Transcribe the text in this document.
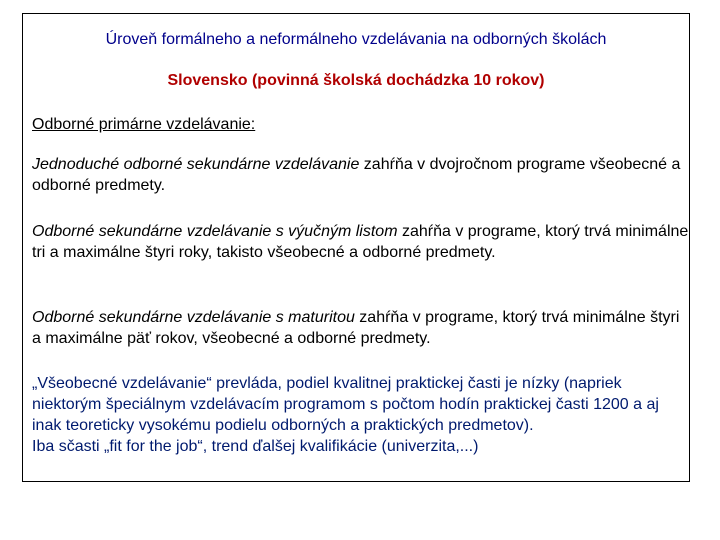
Úroveň formálneho a neformálneho vzdelávania na odborných školách
Slovensko (povinná školská dochádzka 10 rokov)
Odborné primárne vzdelávanie:
Jednoduché odborné sekundárne vzdelávanie zahŕňa v dvojročnom programe všeobecné a odborné predmety.
Odborné sekundárne vzdelávanie s výučným listom zahŕňa v programe, ktorý trvá minimálne tri a maximálne štyri roky, takisto všeobecné a odborné predmety.
Odborné sekundárne vzdelávanie s maturitou zahŕňa v programe, ktorý trvá minimálne štyri a maximálne päť rokov, všeobecné a odborné predmety.
„Všeobecné vzdelávanie“ prevláda, podiel kvalitnej praktickej časti je nízky (napriek niektorým špeciálnym vzdelávacím programom s počtom hodín praktickej časti 1200 a aj inak teoreticky vysokému podielu odborných a praktických predmetov).
Iba sčasti „fit for the job“, trend ďalšej kvalifikácie (univerzita,...)
